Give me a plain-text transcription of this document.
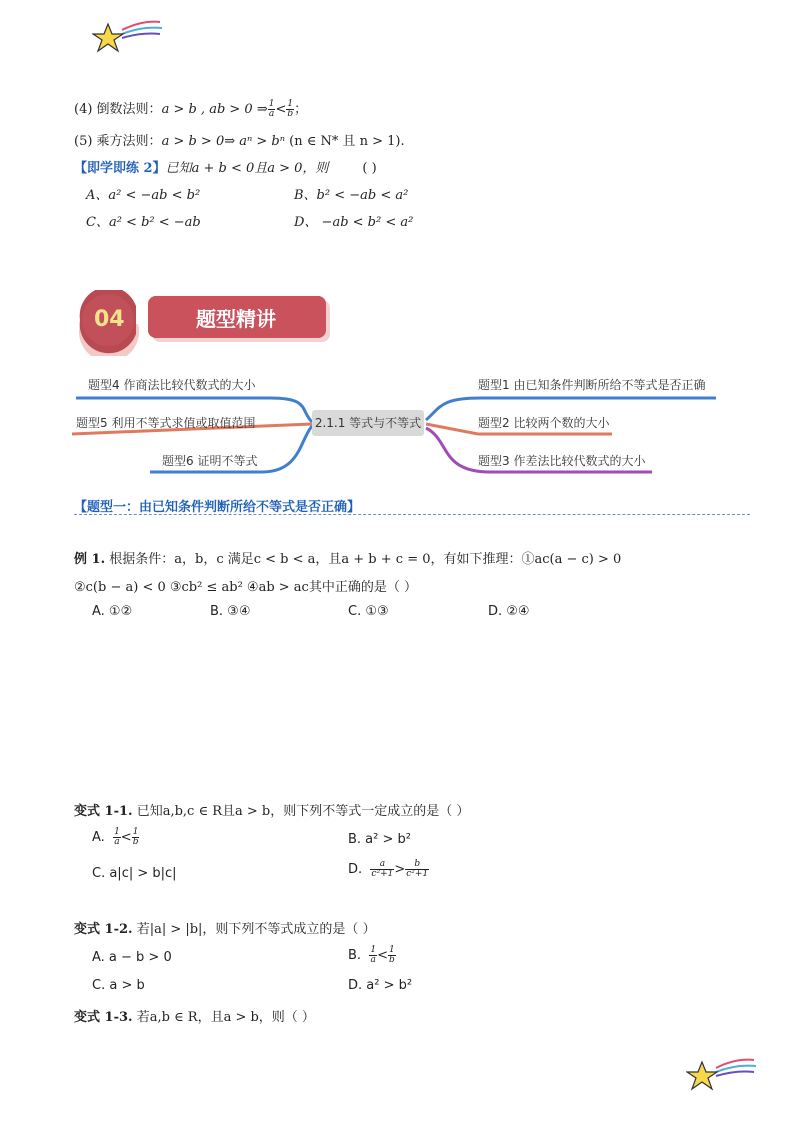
(4) 倒数法则：a > b , ab > 0 ⇒ $\frac{1}{a} < \frac{1}{b}$ ；
(5) 乘方法则：a > b > 0⇒ aⁿ > bⁿ (n ∈ N* 且 n > 1).
【即学即练 2】已知a + b < 0且a > 0，则	( )
A、a² < −ab < b²	B、b² < −ab < a²
C、a² < b² < −ab	D、 −ab < b² < a²
04	题型精讲
2.1.1 等式与不等式
题型4 作商法比较代数式的大小
题型5 利用不等式求值或取值范围
题型6 证明不等式
题型1 由已知条件判断所给不等式是否正确
题型2 比较两个数的大小
题型3 作差法比较代数式的大小
【题型一：由已知条件判断所给不等式是否正确】
例 1. 根据条件：a，b，c 满足c < b < a，且a + b + c = 0，有如下推理：①ac(a − c) > 0
②c(b − a) < 0 ③cb² ≤ ab² ④ab > ac其中正确的是（ ）
A. ①②	B. ③④	C. ①③	D. ②④
变式 1-1. 已知a,b,c ∈ R且a > b，则下列不等式一定成立的是（ ）
A. $\frac{1}{a} < \frac{1}{b}$	B. a² > b²
C. a|c| > b|c|	D. $\frac{a}{\text{c²+1}} > \frac{b}{\text{c²+1}}$
变式 1-2. 若|a| > |b|，则下列不等式成立的是（ ）
A. a − b > 0	B. $\frac{1}{a} < \frac{1}{b}$
C. a > b	D. a² > b²
变式 1-3. 若a,b ∈ R，且a > b，则（ ）
